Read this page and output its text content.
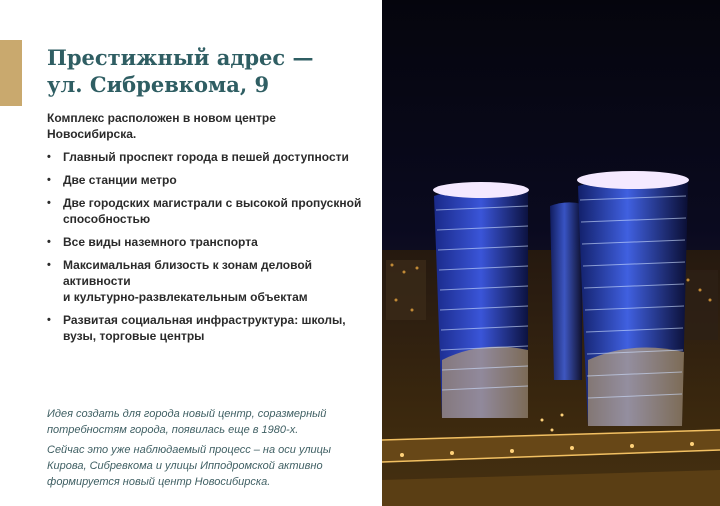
Престижный адрес —
ул. Сибревкома, 9

Комплекс расположен в новом центре Новосибирска.

• Главный проспект города в пешей доступности
• Две станции метро
• Две городских магистрали с высокой пропускной способностью
• Все виды наземного транспорта
• Максимальная близость к зонам деловой активности
и культурно-развлекательным объектам
• Развитая социальная инфраструктура: школы, вузы, торговые центры

Идея создать для города новый центр, соразмерный потребностям города, появилась еще в 1980-х.

Сейчас это уже наблюдаемый процесс – на оси улицы Кирова, Сибревкома и улицы Ипподромской активно формируется новый центр Новосибирска.
